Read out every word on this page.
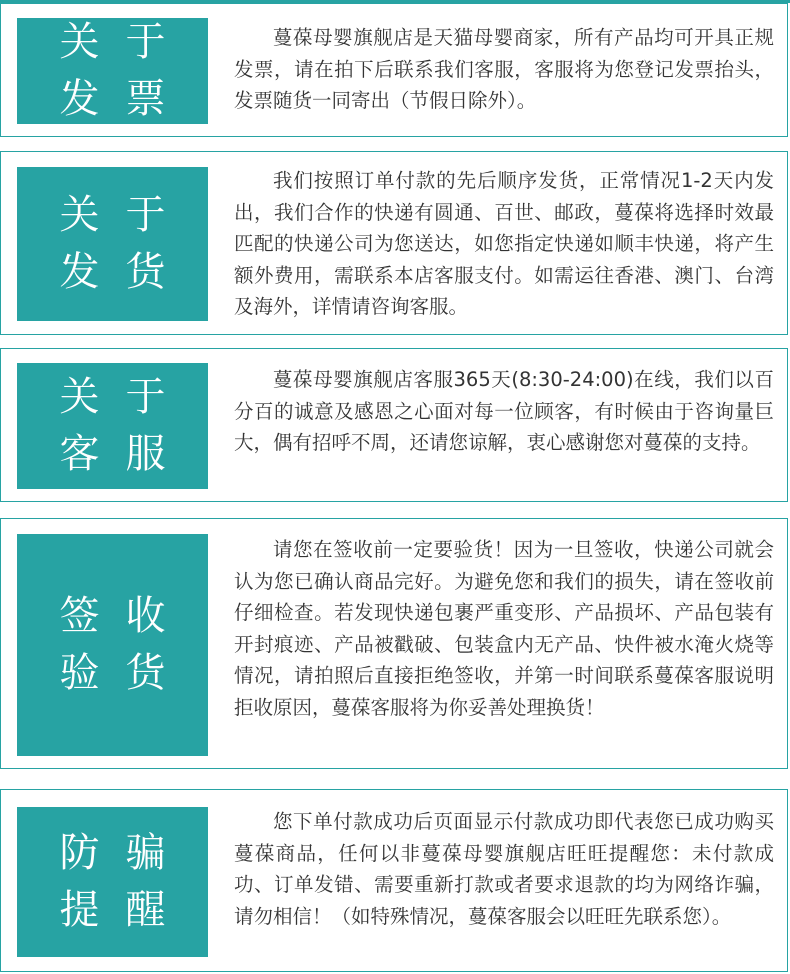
关于
发票
蔓葆母婴旗舰店是天猫母婴商家，所有产品均可开具正规发票，请在拍下后联系我们客服，客服将为您登记发票抬头，发票随货一同寄出（节假日除外）。
关于
发货
我们按照订单付款的先后顺序发货，正常情况1-2天内发出，我们合作的快递有圆通、百世、邮政，蔓葆将选择时效最匹配的快递公司为您送达，如您指定快递如顺丰快递，将产生额外费用，需联系本店客服支付。如需运往香港、澳门、台湾及海外，详情请咨询客服。
关于
客服
蔓葆母婴旗舰店客服365天(8:30-24:00)在线，我们以百分百的诚意及感恩之心面对每一位顾客，有时候由于咨询量巨大，偶有招呼不周，还请您谅解，衷心感谢您对蔓葆的支持。
签收
验货
请您在签收前一定要验货！因为一旦签收，快递公司就会认为您已确认商品完好。为避免您和我们的损失，请在签收前仔细检查。若发现快递包裹严重变形、产品损坏、产品包装有开封痕迹、产品被戳破、包装盒内无产品、快件被水淹火烧等情况，请拍照后直接拒绝签收，并第一时间联系蔓葆客服说明拒收原因，蔓葆客服将为你妥善处理换货！
防骗
提醒
您下单付款成功后页面显示付款成功即代表您已成功购买蔓葆商品，任何以非蔓葆母婴旗舰店旺旺提醒您：未付款成功、订单发错、需要重新打款或者要求退款的均为网络诈骗，请勿相信！（如特殊情况，蔓葆客服会以旺旺先联系您）。
